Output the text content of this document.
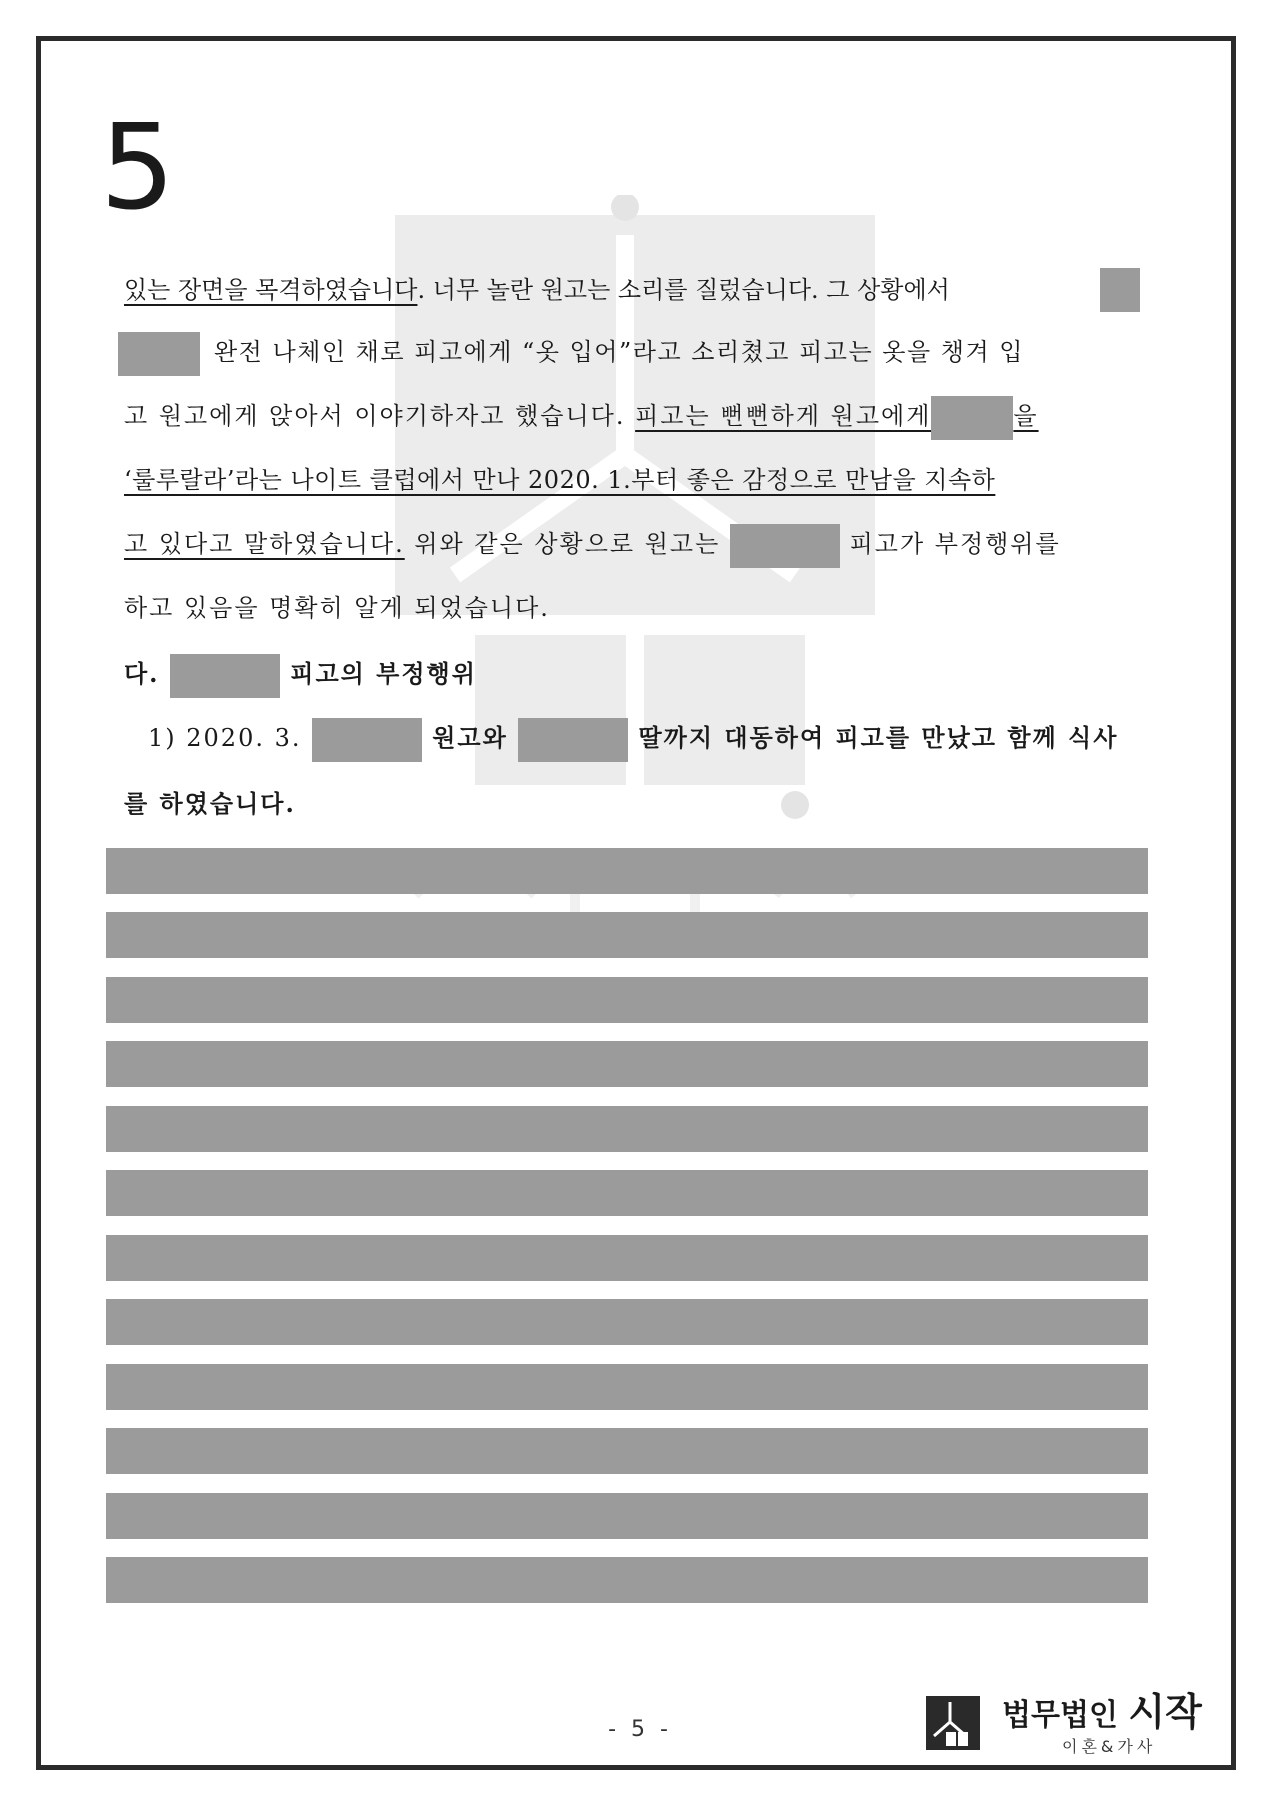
5
있는 장면을 목격하였습니다. 너무 놀란 원고는 소리를 질렀습니다. 그 상황에서
완전 나체인 채로 피고에게 “옷 입어”라고 소리쳤고 피고는 옷을 챙겨 입
고 원고에게 앉아서 이야기하자고 했습니다. 피고는 뻔뻔하게 원고에게	을
‘룰루랄라’라는 나이트 클럽에서 만나 2020. 1.부터 좋은 감정으로 만남을 지속하
고 있다고 말하였습니다. 위와 같은 상황으로 원고는	피고가 부정행위를
하고 있음을 명확히 알게 되었습니다.
다.	피고의 부정행위
1) 2020. 3.	원고와	딸까지 대동하여 피고를 만났고 함께 식사
를 하였습니다.
- 5 -	법무법인 시작
이혼&가사
